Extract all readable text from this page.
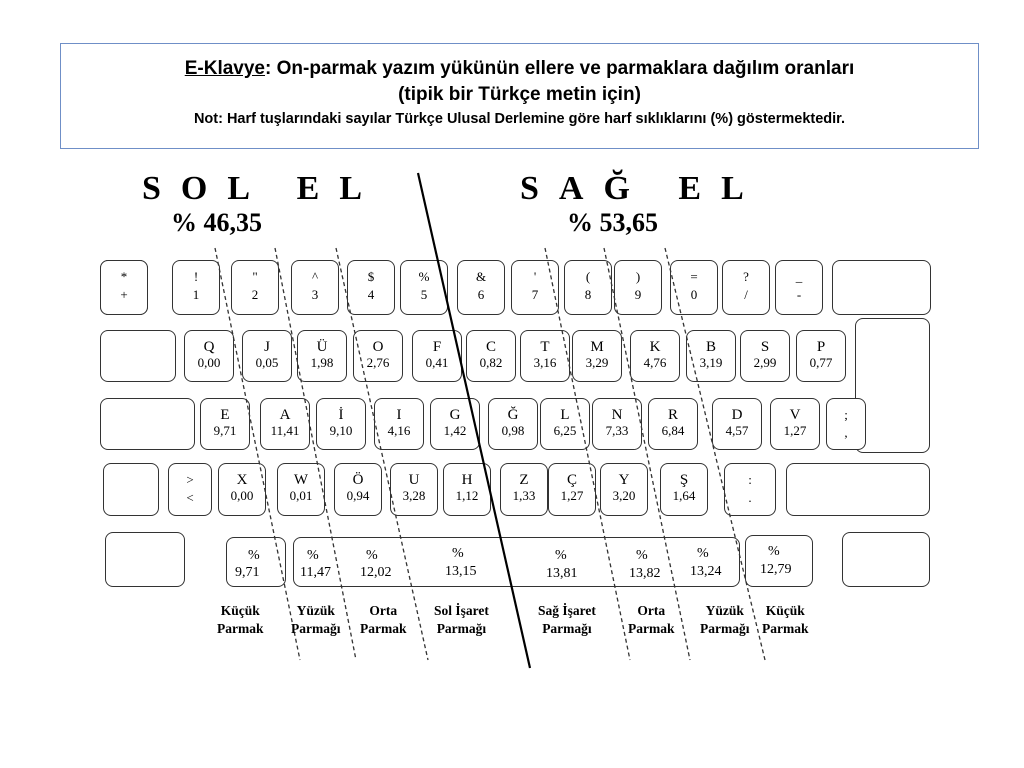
E-Klavye: On-parmak yazım yükünün ellere ve parmaklara dağılım oranları
(tipik bir Türkçe metin için)
Not: Harf tuşlarındaki sayılar Türkçe Ulusal Derlemine göre harf sıklıklarını (%) göstermektedir.
SOL EL
% 46,35
SAĞ EL
% 53,65
*
+
!
1
"
2
^
3
$
4
%
5
&
6
'
7
(
8
)
9
=
0
?
/
_
-
Q
0,00
J
0,05
Ü
1,98
O
2,76
F
0,41
C
0,82
T
3,16
M
3,29
K
4,76
B
3,19
S
2,99
P
0,77
E
9,71
A
11,41
İ
9,10
I
4,16
G
1,42
Ğ
0,98
L
6,25
N
7,33
R
6,84
D
4,57
V
1,27
;
,
>
<
X
0,00
W
0,01
Ö
0,94
U
3,28
H
1,12
Z
1,33
Ç
1,27
Y
3,20
Ş
1,64
:
.
%
9,71
%
11,47
%
12,02
%
13,15
%
13,81
%
13,82
%
13,24
%
12,79
Küçük
Parmak
Yüzük
Parmağı
Orta
Parmak
Sol İşaret
Parmağı
Sağ İşaret
Parmağı
Orta
Parmak
Yüzük
Parmağı
Küçük
Parmak
